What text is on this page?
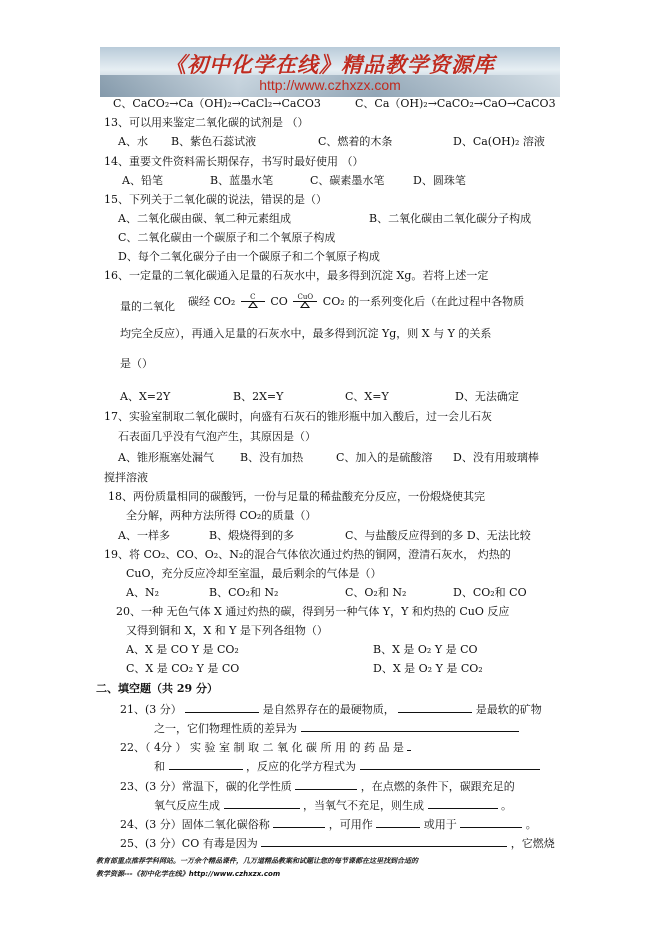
《初中化学在线》精品教学资源库
http://www.czhxzx.com
C、CaCO₂→Ca（OH)₂→CaCl₂→CaCO3	C、Ca（OH)₂→CaCO₂→CaO→CaCO3
13、可以用来鉴定二氧化碳的试剂是 （）
A、水 B、紫色石蕊试液	C、燃着的木条	D、Ca(OH)₂ 溶液
14、重要文件资料需长期保存，书写时最好使用 （）
A、铅笔	B、蓝墨水笔	C、碳素墨水笔	D、圆珠笔
15、下列关于二氧化碳的说法，错误的是（）
A、二氧化碳由碳、氧二种元素组成	B、二氧化碳由二氧化碳分子构成
C、二氧化碳由一个碳原子和二个氧原子构成
D、每个二氧化碳分子由一个碳原子和二个氧原子构成
16、一定量的二氧化碳通入足量的石灰水中，最多得到沉淀 Xg。若将上述一定
量的二氧化 碳经 CO₂	C	CO	CuO CO₂ 的一系列变化后（在此过程中各物质
均完全反应），再通入足量的石灰水中，最多得到沉淀 Yg，则 X 与 Y 的关系
是（）
A、X=2Y	B、2X=Y	C、X=Y	D、无法确定
17、实验室制取二氧化碳时，向盛有石灰石的锥形瓶中加入酸后，过一会儿石灰
石表面几乎没有气泡产生，其原因是（）
A、锥形瓶塞处漏气 B、没有加热	C、加入的是硫酸溶 D、没有用玻璃棒
搅拌溶液
18、两份质量相同的碳酸钙，一份与足量的稀盐酸充分反应，一份煅烧使其完
全分解，两种方法所得 CO₂的质量（）
A、一样多	B、煅烧得到的多	C、与盐酸反应得到的多 D、无法比较
19、将 CO₂、CO、O₂、N₂的混合气体依次通过灼热的铜网，澄清石灰水， 灼热的
CuO，充分反应冷却至室温，最后剩余的气体是（）
A、N₂	B、CO₂和 N₂	C、O₂和 N₂	D、CO₂和 CO
20、一种 无色气体 X 通过灼热的碳，得到另一种气体 Y，Y 和灼热的 CuO 反应
又得到铜和 X，X 和 Y 是下列各组物（）
A、X 是 CO Y 是 CO₂	B、X 是 O₂ Y 是 CO
C、X 是 CO₂ Y 是 CO	D、X 是 O₂ Y 是 CO₂
二、填空题（共 29 分）
21、(3 分）	是自然界存在的最硬物质，	是最软的矿物
之一，它们物理性质的差异为
22、（ 4分 ） 实 验 室 制 取 二 氧 化 碳 所 用 的 药 品 是
和	，反应的化学方程式为
23、(3 分）常温下，碳的化学性质	，在点燃的条件下，碳跟充足的
氧气反应生成	，当氧气不充足，则生成	。
24、(3 分）固体二氧化碳俗称	，可用作	或用于	。
25、(3 分）CO 有毒是因为	，它燃烧
教育部重点推荐学科网站。一万余个精品课件，几万道精品教案和试题让您的每节课都在这里找到合适的
教学资源---《初中化学在线》http://www.czhxzx.com
